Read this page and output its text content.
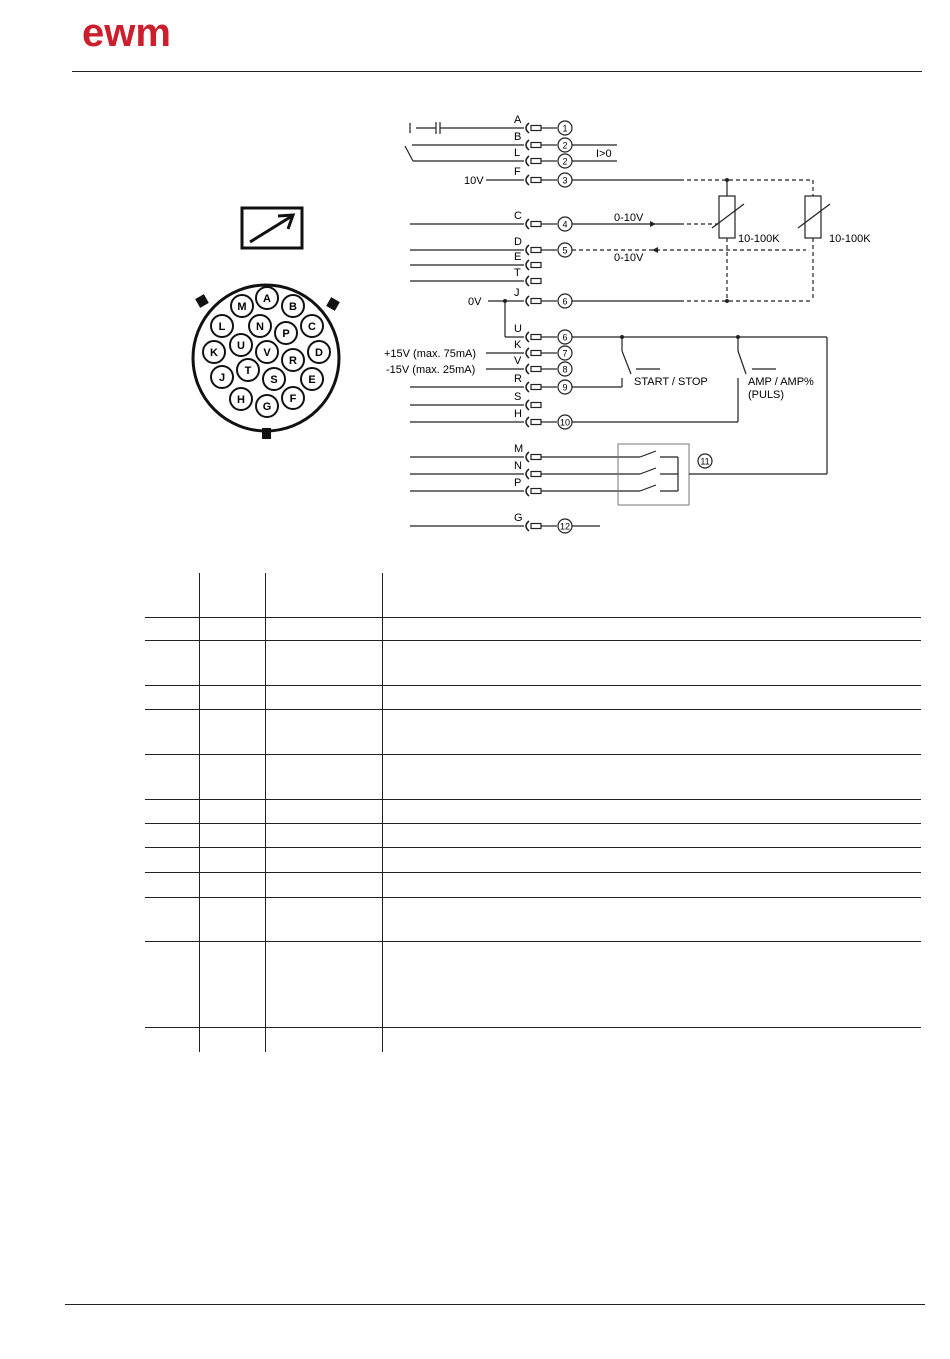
ewm
M
A
B
L	N
P
C
K
U
V
R
D
J
T
S	E
H
G
F
A
1
B
2
L
2
F
3
C
4
D
5
E
T
J
6
U
6
K
7
V
8
R
9
S
H
10
M
N
P
G
12
I>0
10V
0-10V
0-10V
10-100K	10-100K
0V
START / STOP	AMP / AMP%
(PULS)
+15V (max. 75mA)
-15V (max. 25mA)
11
